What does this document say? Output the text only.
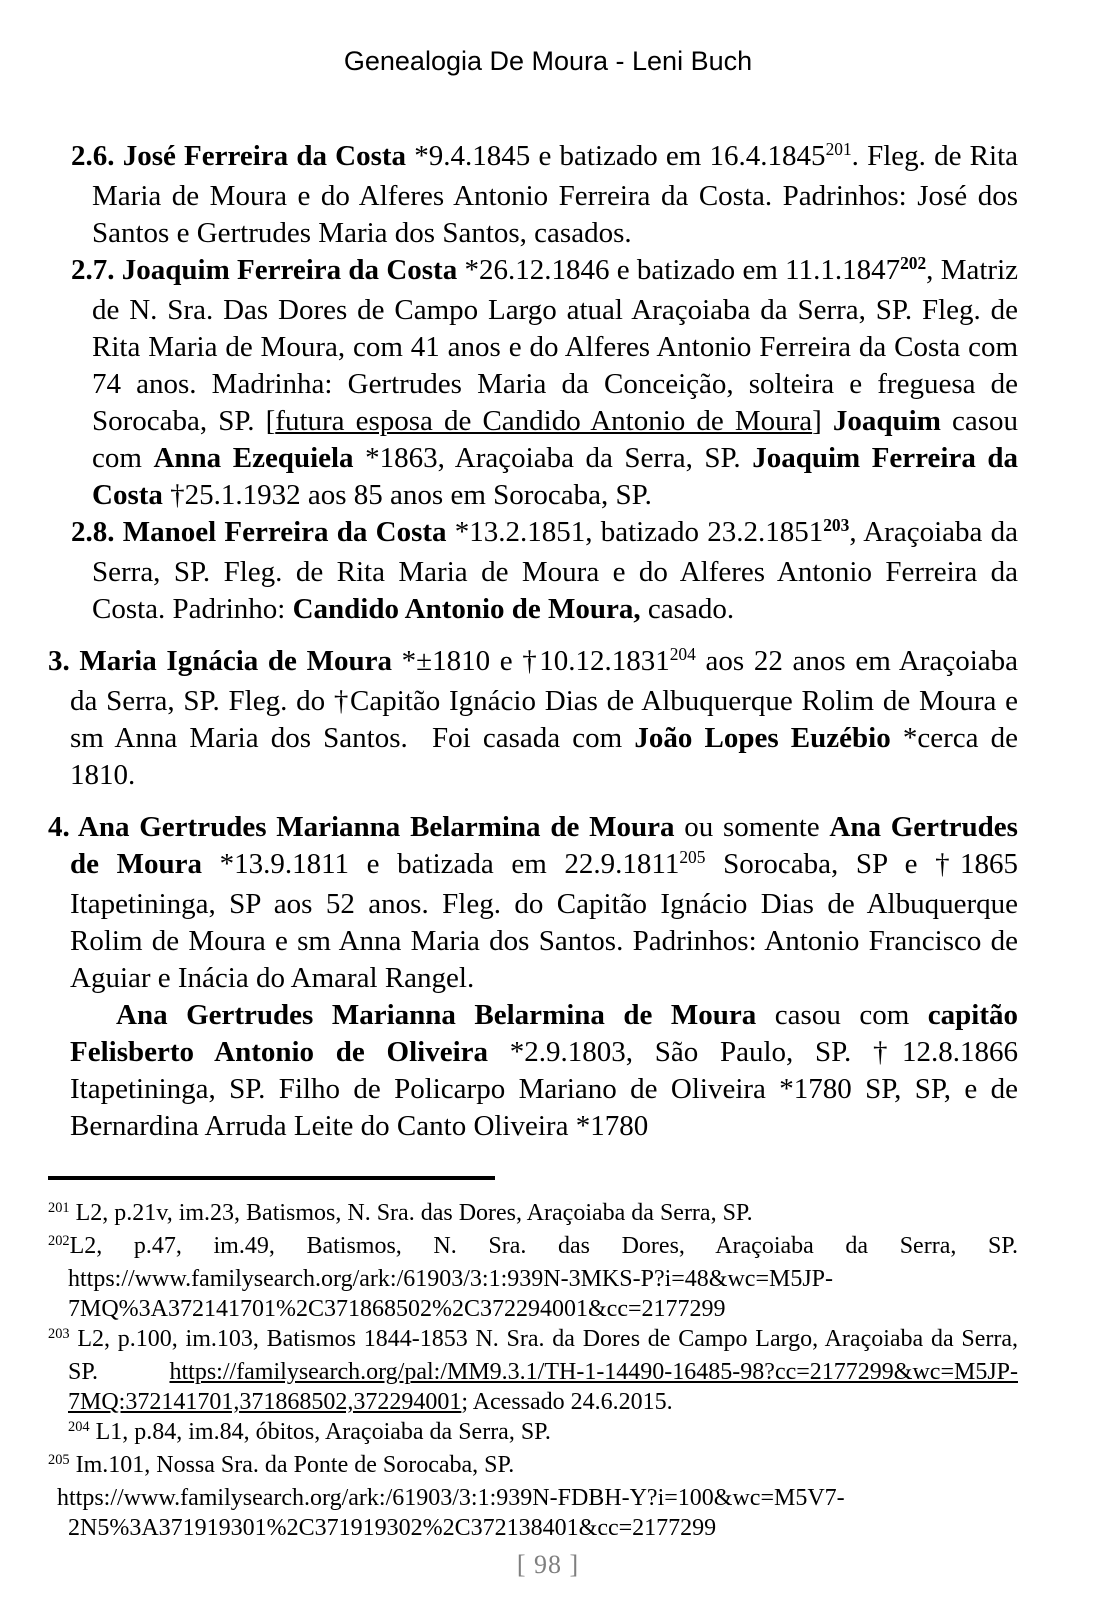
Genealogia De Moura - Leni Buch
2.6. José Ferreira da Costa *9.4.1845 e batizado em 16.4.1845$^{201}$. Fleg. de Rita Maria de Moura e do Alferes Antonio Ferreira da Costa. Padrinhos: José dos Santos e Gertrudes Maria dos Santos, casados.
2.7. Joaquim Ferreira da Costa *26.12.1846 e batizado em 11.1.1847$^{202}$, Matriz de N. Sra. Das Dores de Campo Largo atual Araçoiaba da Serra, SP. Fleg. de Rita Maria de Moura, com 41 anos e do Alferes Antonio Ferreira da Costa com 74 anos. Madrinha: Gertrudes Maria da Conceição, solteira e freguesa de Sorocaba, SP. [futura esposa de Candido Antonio de Moura] Joaquim casou com Anna Ezequiela *1863, Araçoiaba da Serra, SP. Joaquim Ferreira da Costa †25.1.1932 aos 85 anos em Sorocaba, SP.
2.8. Manoel Ferreira da Costa *13.2.1851, batizado 23.2.1851$^{203}$, Araçoiaba da Serra, SP. Fleg. de Rita Maria de Moura e do Alferes Antonio Ferreira da Costa. Padrinho: Candido Antonio de Moura, casado.
3. Maria Ignácia de Moura *±1810 e †10.12.1831$^{204}$ aos 22 anos em Araçoiaba da Serra, SP. Fleg. do †Capitão Ignácio Dias de Albuquerque Rolim de Moura e sm Anna Maria dos Santos.  Foi casada com João Lopes Euzébio *cerca de 1810.
4. Ana Gertrudes Marianna Belarmina de Moura ou somente Ana Gertrudes de Moura *13.9.1811 e batizada em 22.9.1811$^{205}$ Sorocaba, SP e †1865 Itapetininga, SP aos 52 anos. Fleg. do Capitão Ignácio Dias de Albuquerque Rolim de Moura e sm Anna Maria dos Santos. Padrinhos: Antonio Francisco de Aguiar e Inácia do Amaral Rangel.
Ana Gertrudes Marianna Belarmina de Moura casou com capitão Felisberto Antonio de Oliveira *2.9.1803, São Paulo, SP. †12.8.1866 Itapetininga, SP. Filho de Policarpo Mariano de Oliveira *1780 SP, SP, e de Bernardina Arruda Leite do Canto Oliveira *1780
$^{201}$ L2, p.21v, im.23, Batismos, N. Sra. das Dores, Araçoiaba da Serra, SP.
$^{202}$L2, p.47, im.49, Batismos, N. Sra. das Dores, Araçoiaba da Serra, SP.
https://www.familysearch.org/ark:/61903/3:1:939N-3MKS-P?i=48&wc=M5JP-
7MQ%3A372141701%2C371868502%2C372294001&cc=2177299
$^{203}$ L2, p.100, im.103, Batismos 1844-1853 N. Sra. da Dores de Campo Largo, Araçoiaba da Serra,
SP. https://familysearch.org/pal:/MM9.3.1/TH-1-14490-16485-98?cc=2177299&wc=M5JP-
7MQ:372141701,371868502,372294001; Acessado 24.6.2015.
$^{204}$ L1, p.84, im.84, óbitos, Araçoiaba da Serra, SP.
$^{205}$ Im.101, Nossa Sra. da Ponte de Sorocaba, SP.
https://www.familysearch.org/ark:/61903/3:1:939N-FDBH-Y?i=100&wc=M5V7-
2N5%3A371919301%2C371919302%2C372138401&cc=2177299
[ 98 ]
